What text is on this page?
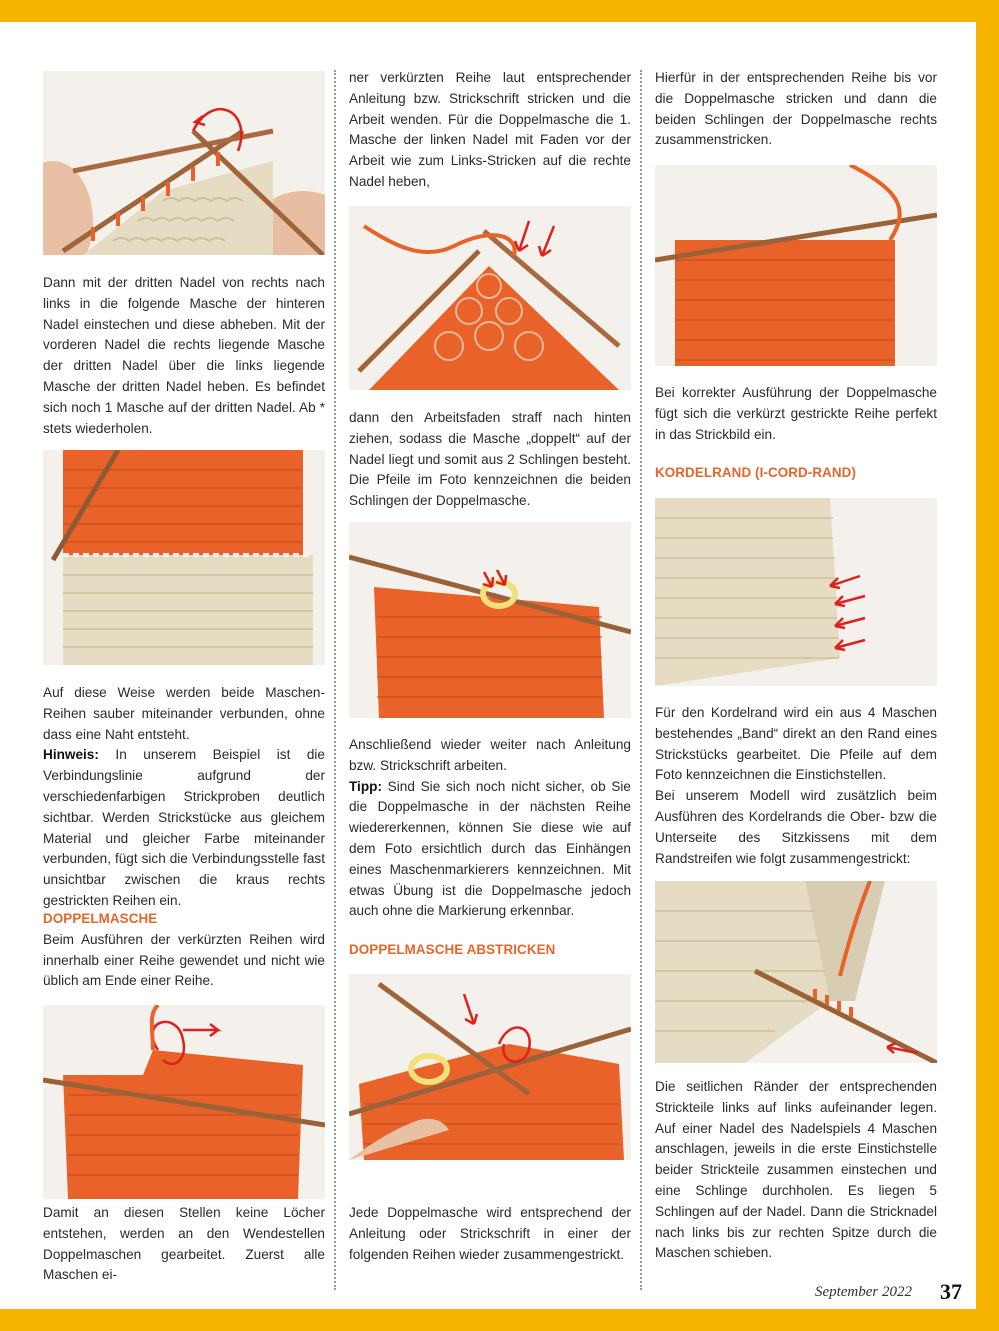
Dann mit der dritten Nadel von rechts nach links in die folgende Masche der hinteren Nadel einstechen und diese abheben. Mit der vorderen Nadel die rechts liegende Masche der dritten Nadel über die links liegende Masche der dritten Nadel heben. Es befindet sich noch 1 Masche auf der dritten Nadel. Ab * stets wiederholen.

Auf diese Weise werden beide Maschen-Reihen sauber miteinander verbunden, ohne dass eine Naht entsteht.

Hinweis: In unserem Beispiel ist die Verbindungslinie aufgrund der verschiedenfarbigen Strickproben deutlich sichtbar. Werden Strickstücke aus gleichem Material und gleicher Farbe miteinander verbunden, fügt sich die Verbindungsstelle fast unsichtbar zwischen die kraus rechts gestrickten Reihen ein.

DOPPELMASCHE

Beim Ausführen der verkürzten Reihen wird innerhalb einer Reihe gewendet und nicht wie üblich am Ende einer Reihe.

Damit an diesen Stellen keine Löcher entstehen, werden an den Wendestellen Doppelmaschen gearbeitet. Zuerst alle Maschen ei-

ner verkürzten Reihe laut entsprechender Anleitung bzw. Strickschrift stricken und die Arbeit wenden. Für die Doppelmasche die 1. Masche der linken Nadel mit Faden vor der Arbeit wie zum Links-Stricken auf die rechte Nadel heben,

dann den Arbeitsfaden straff nach hinten ziehen, sodass die Masche „doppelt“ auf der Nadel liegt und somit aus 2 Schlingen besteht. Die Pfeile im Foto kennzeichnen die beiden Schlingen der Doppelmasche.

Anschließend wieder weiter nach Anleitung bzw. Strickschrift arbeiten.

Tipp: Sind Sie sich noch nicht sicher, ob Sie die Doppelmasche in der nächsten Reihe wiedererkennen, können Sie diese wie auf dem Foto ersichtlich durch das Einhängen eines Maschenmarkierers kennzeichnen. Mit etwas Übung ist die Doppelmasche jedoch auch ohne die Markierung erkennbar.

DOPPELMASCHE ABSTRICKEN

Jede Doppelmasche wird entsprechend der Anleitung oder Strickschrift in einer der folgenden Reihen wieder zusammengestrickt.

Hierfür in der entsprechenden Reihe bis vor die Doppelmasche stricken und dann die beiden Schlingen der Doppelmasche rechts zusammenstricken.

Bei korrekter Ausführung der Doppelmasche fügt sich die verkürzt gestrickte Reihe perfekt in das Strickbild ein.

KORDELRAND (I-CORD-RAND)

Für den Kordelrand wird ein aus 4 Maschen bestehendes „Band“ direkt an den Rand eines Strickstücks gearbeitet. Die Pfeile auf dem Foto kennzeichnen die Einstichstellen.

Bei unserem Modell wird zusätzlich beim Ausführen des Kordelrands die Ober- bzw die Unterseite des Sitzkissens mit dem Randstreifen wie folgt zusammengestrickt:

Die seitlichen Ränder der entsprechenden Strickteile links auf links aufeinander legen. Auf einer Nadel des Nadelspiels 4 Maschen anschlagen, jeweils in die erste Einstichstelle beider Strickteile zusammen einstechen und eine Schlinge durchholen. Es liegen 5 Schlingen auf der Nadel. Dann die Stricknadel nach links bis zur rechten Spitze durch die Maschen schieben.

September 2022 37
